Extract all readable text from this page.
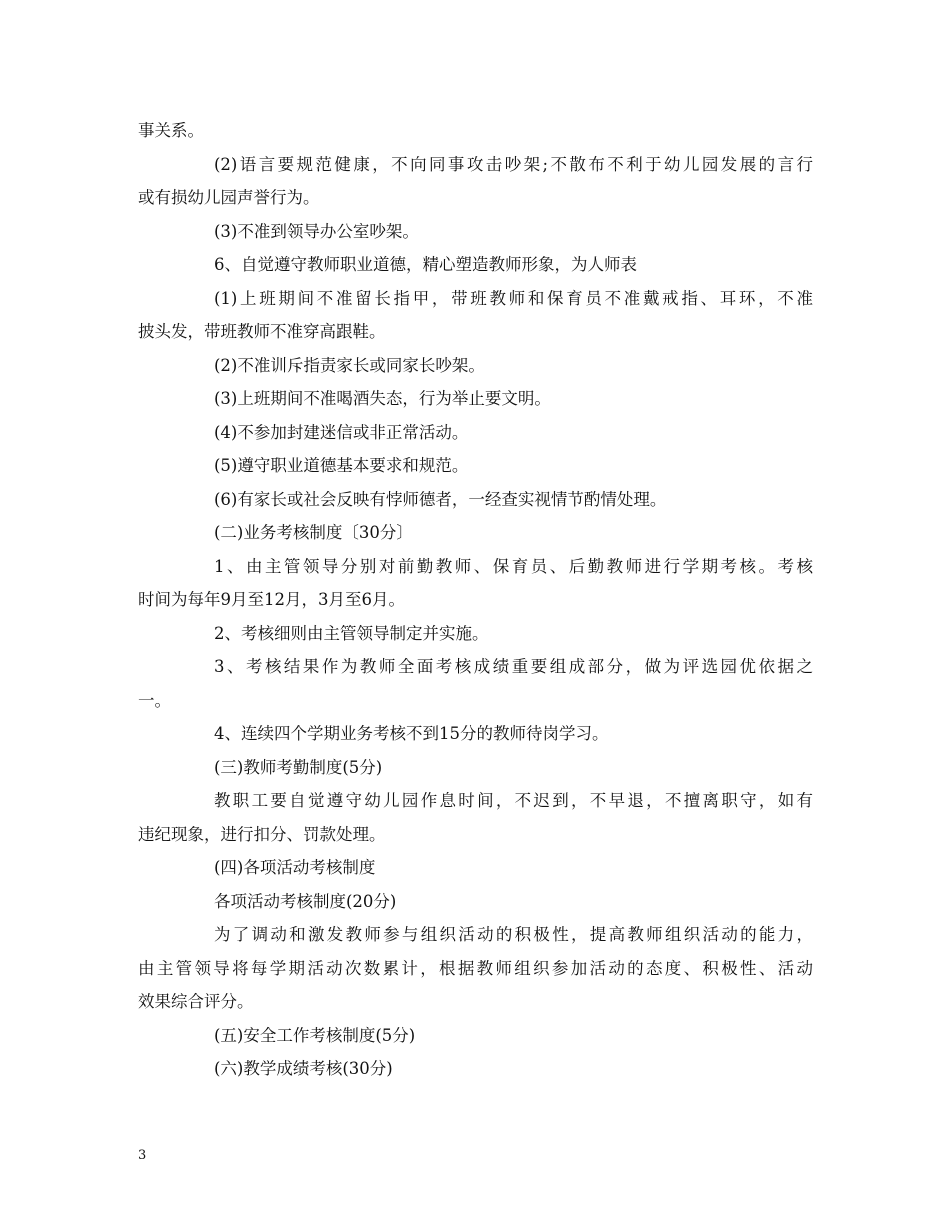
事关系。
(2)语言要规范健康，不向同事攻击吵架;不散布不利于幼儿园发展的言行
或有损幼儿园声誉行为。
(3)不准到领导办公室吵架。
6、自觉遵守教师职业道德，精心塑造教师形象，为人师表
(1)上班期间不准留长指甲，带班教师和保育员不准戴戒指、耳环，不准
披头发，带班教师不准穿高跟鞋。
(2)不准训斥指责家长或同家长吵架。
(3)上班期间不准喝酒失态，行为举止要文明。
(4)不参加封建迷信或非正常活动。
(5)遵守职业道德基本要求和规范。
(6)有家长或社会反映有悖师德者，一经查实视情节酌情处理。
(二)业务考核制度〔30分〕
1、由主管领导分别对前勤教师、保育员、后勤教师进行学期考核。考核
时间为每年9月至12月，3月至6月。
2、考核细则由主管领导制定并实施。
3、考核结果作为教师全面考核成绩重要组成部分，做为评选园优依据之
一。
4、连续四个学期业务考核不到15分的教师待岗学习。
(三)教师考勤制度(5分)
教职工要自觉遵守幼儿园作息时间，不迟到，不早退，不擅离职守，如有
违纪现象，进行扣分、罚款处理。
(四)各项活动考核制度
各项活动考核制度(20分)
为了调动和激发教师参与组织活动的积极性，提高教师组织活动的能力，
由主管领导将每学期活动次数累计，根据教师组织参加活动的态度、积极性、活动
效果综合评分。
(五)安全工作考核制度(5分)
(六)教学成绩考核(30分)
3
